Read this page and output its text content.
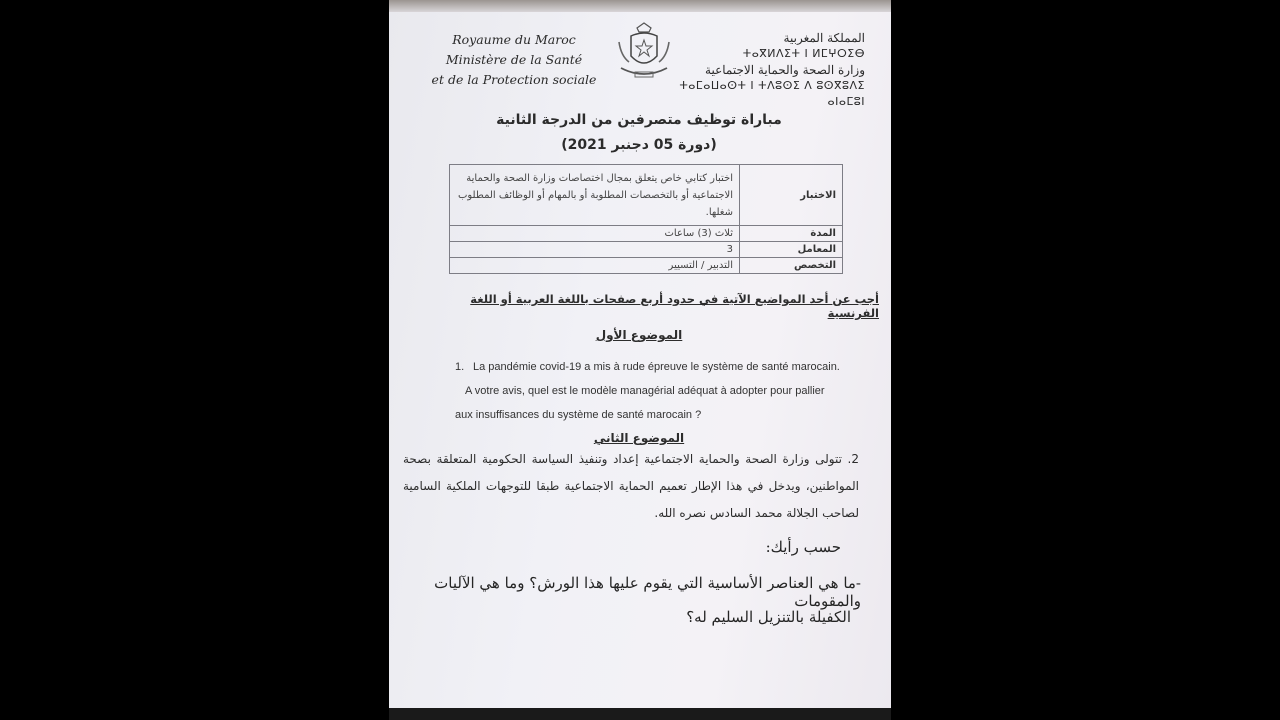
Royaume du Maroc
Ministère de la Santé
et de la Protection sociale
المملكة المغربية
ⵜⴰⴳⵍⴷⵉⵜ ⵏ ⵍⵎⵖⵔⵉⴱ
وزارة الصحة والحماية الاجتماعية
ⵜⴰⵎⴰⵡⴰⵙⵜ ⵏ ⵜⴷⵓⵙⵉ ⴷ ⵓⵙⴳⵓⴷⵉ ⴰⵏⴰⵎⵓⵏ
مباراة توظيف متصرفين من الدرجة الثانية
(دورة 05 دجنبر 2021)
الاختبار	اختبار كتابي خاص يتعلق بمجال اختصاصات وزارة الصحة والحماية الاجتماعية أو بالتخصصات المطلوبة أو بالمهام أو الوظائف المطلوب شغلها.
المدة	ثلاث (3) ساعات
المعامل	3
التخصص	التدبير / التسيير
أجب عن أحد المواضيع الآتية في حدود أربع صفحات باللغة العربية أو اللغة الفرنسية
الموضوع الأول
1. La pandémie covid-19 a mis à rude épreuve le système de santé marocain.
A votre avis, quel est le modèle managérial adéquat à adopter pour pallier
aux insuffisances du système de santé marocain ?
الموضوع الثاني
2. تتولى وزارة الصحة والحماية الاجتماعية إعداد وتنفيذ السياسة الحكومية المتعلقة بصحة المواطنين، ويدخل في هذا الإطار تعميم الحماية الاجتماعية طبقا للتوجهات الملكية السامية لصاحب الجلالة محمد السادس نصره الله.
حسب رأيك:
-ما هي العناصر الأساسية التي يقوم عليها هذا الورش؟ وما هي الآليات والمقومات
الكفيلة بالتنزيل السليم له؟
